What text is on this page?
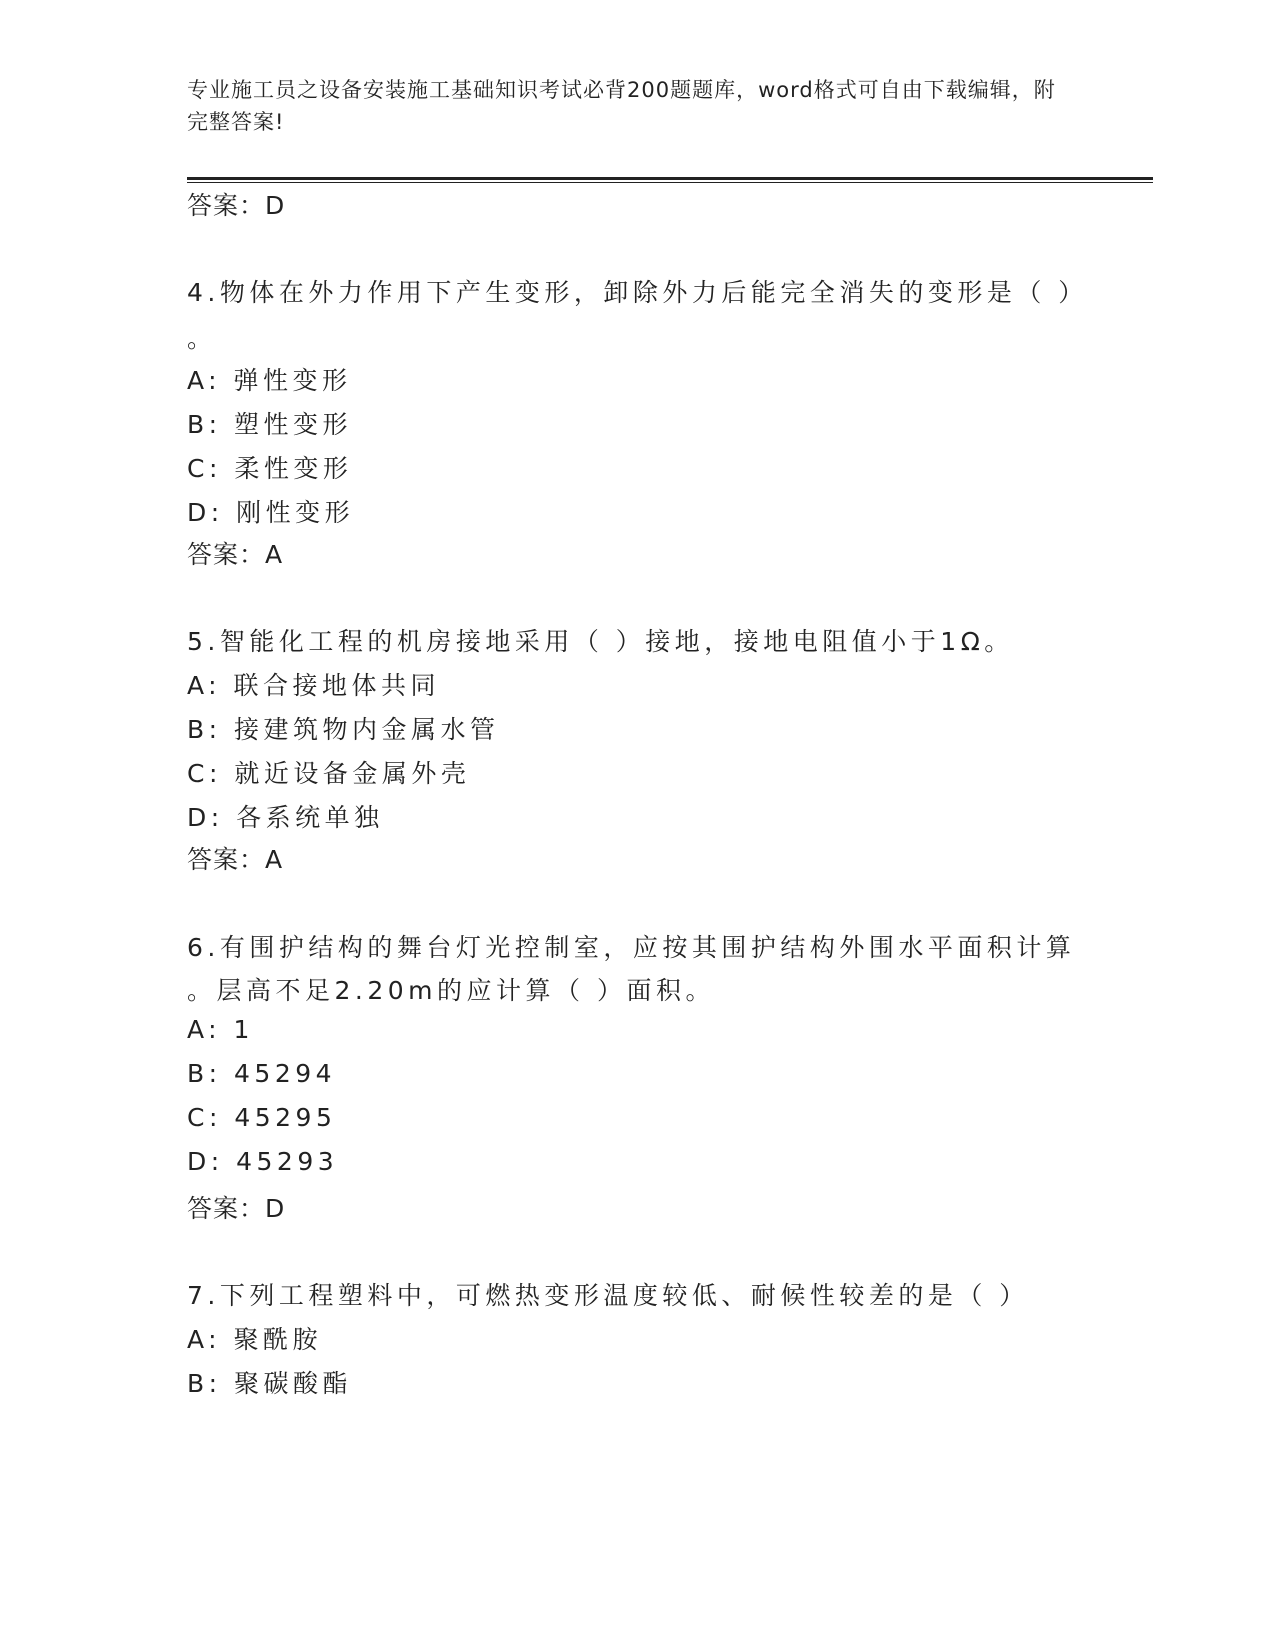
专业施工员之设备安装施工基础知识考试必背200题题库，word格式可自由下载编辑，附完整答案!
答案：D
4.物体在外力作用下产生变形，卸除外力后能完全消失的变形是（ ）
。
A: 弹性变形
B: 塑性变形
C: 柔性变形
D: 刚性变形
答案：A
5.智能化工程的机房接地采用（ ）接地，接地电阻值小于1Ω。
A: 联合接地体共同
B: 接建筑物内金属水管
C: 就近设备金属外壳
D: 各系统单独
答案：A
6.有围护结构的舞台灯光控制室，应按其围护结构外围水平面积计算
。层高不足2.20m的应计算（ ）面积。
A: 1
B: 45294
C: 45295
D: 45293
答案：D
7.下列工程塑料中，可燃热变形温度较低、耐候性较差的是（ ）
A: 聚酰胺
B: 聚碳酸酯
